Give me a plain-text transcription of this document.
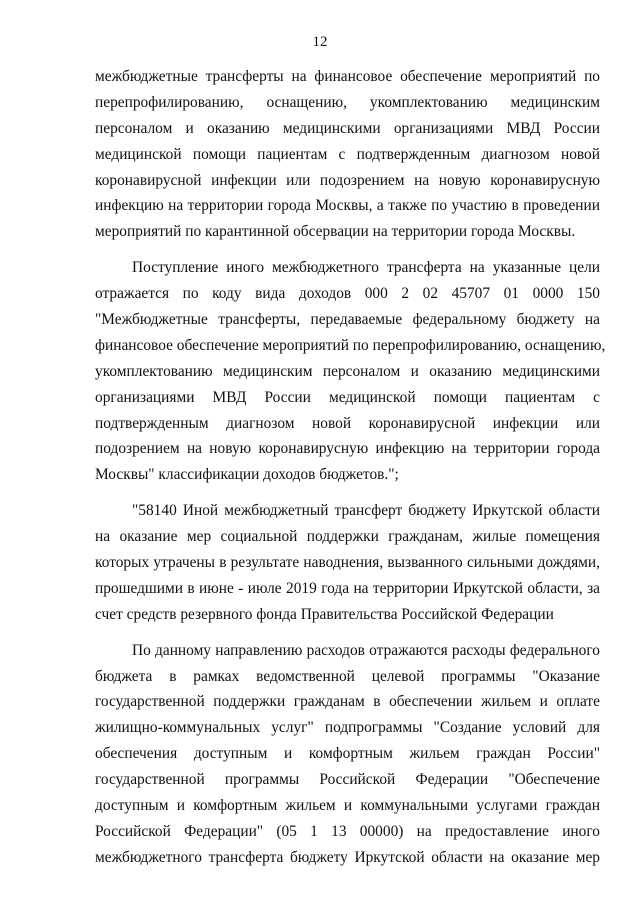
12
межбюджетные трансферты на финансовое обеспечение мероприятий по
перепрофилированию, оснащению, укомплектованию медицинским
персоналом и оказанию медицинскими организациями МВД России
медицинской помощи пациентам с подтвержденным диагнозом новой
коронавирусной инфекции или подозрением на новую коронавирусную
инфекцию на территории города Москвы, а также по участию в проведении
мероприятий по карантинной обсервации на территории города Москвы.
Поступление иного межбюджетного трансферта на указанные цели
отражается по коду вида доходов 000 2 02 45707 01 0000 150
"Межбюджетные трансферты, передаваемые федеральному бюджету на
финансовое обеспечение мероприятий по перепрофилированию, оснащению,
укомплектованию медицинским персоналом и оказанию медицинскими
организациями МВД России медицинской помощи пациентам с
подтвержденным диагнозом новой коронавирусной инфекции или
подозрением на новую коронавирусную инфекцию на территории города
Москвы" классификации доходов бюджетов.";
"58140 Иной межбюджетный трансферт бюджету Иркутской области
на оказание мер социальной поддержки гражданам, жилые помещения
которых утрачены в результате наводнения, вызванного сильными дождями,
прошедшими в июне - июле 2019 года на территории Иркутской области, за
счет средств резервного фонда Правительства Российской Федерации
По данному направлению расходов отражаются расходы федерального
бюджета в рамках ведомственной целевой программы "Оказание
государственной поддержки гражданам в обеспечении жильем и оплате
жилищно-коммунальных услуг" подпрограммы "Создание условий для
обеспечения доступным и комфортным жильем граждан России"
государственной программы Российской Федерации "Обеспечение
доступным и комфортным жильем и коммунальными услугами граждан
Российской Федерации" (05 1 13 00000) на предоставление иного
межбюджетного трансферта бюджету Иркутской области на оказание мер
